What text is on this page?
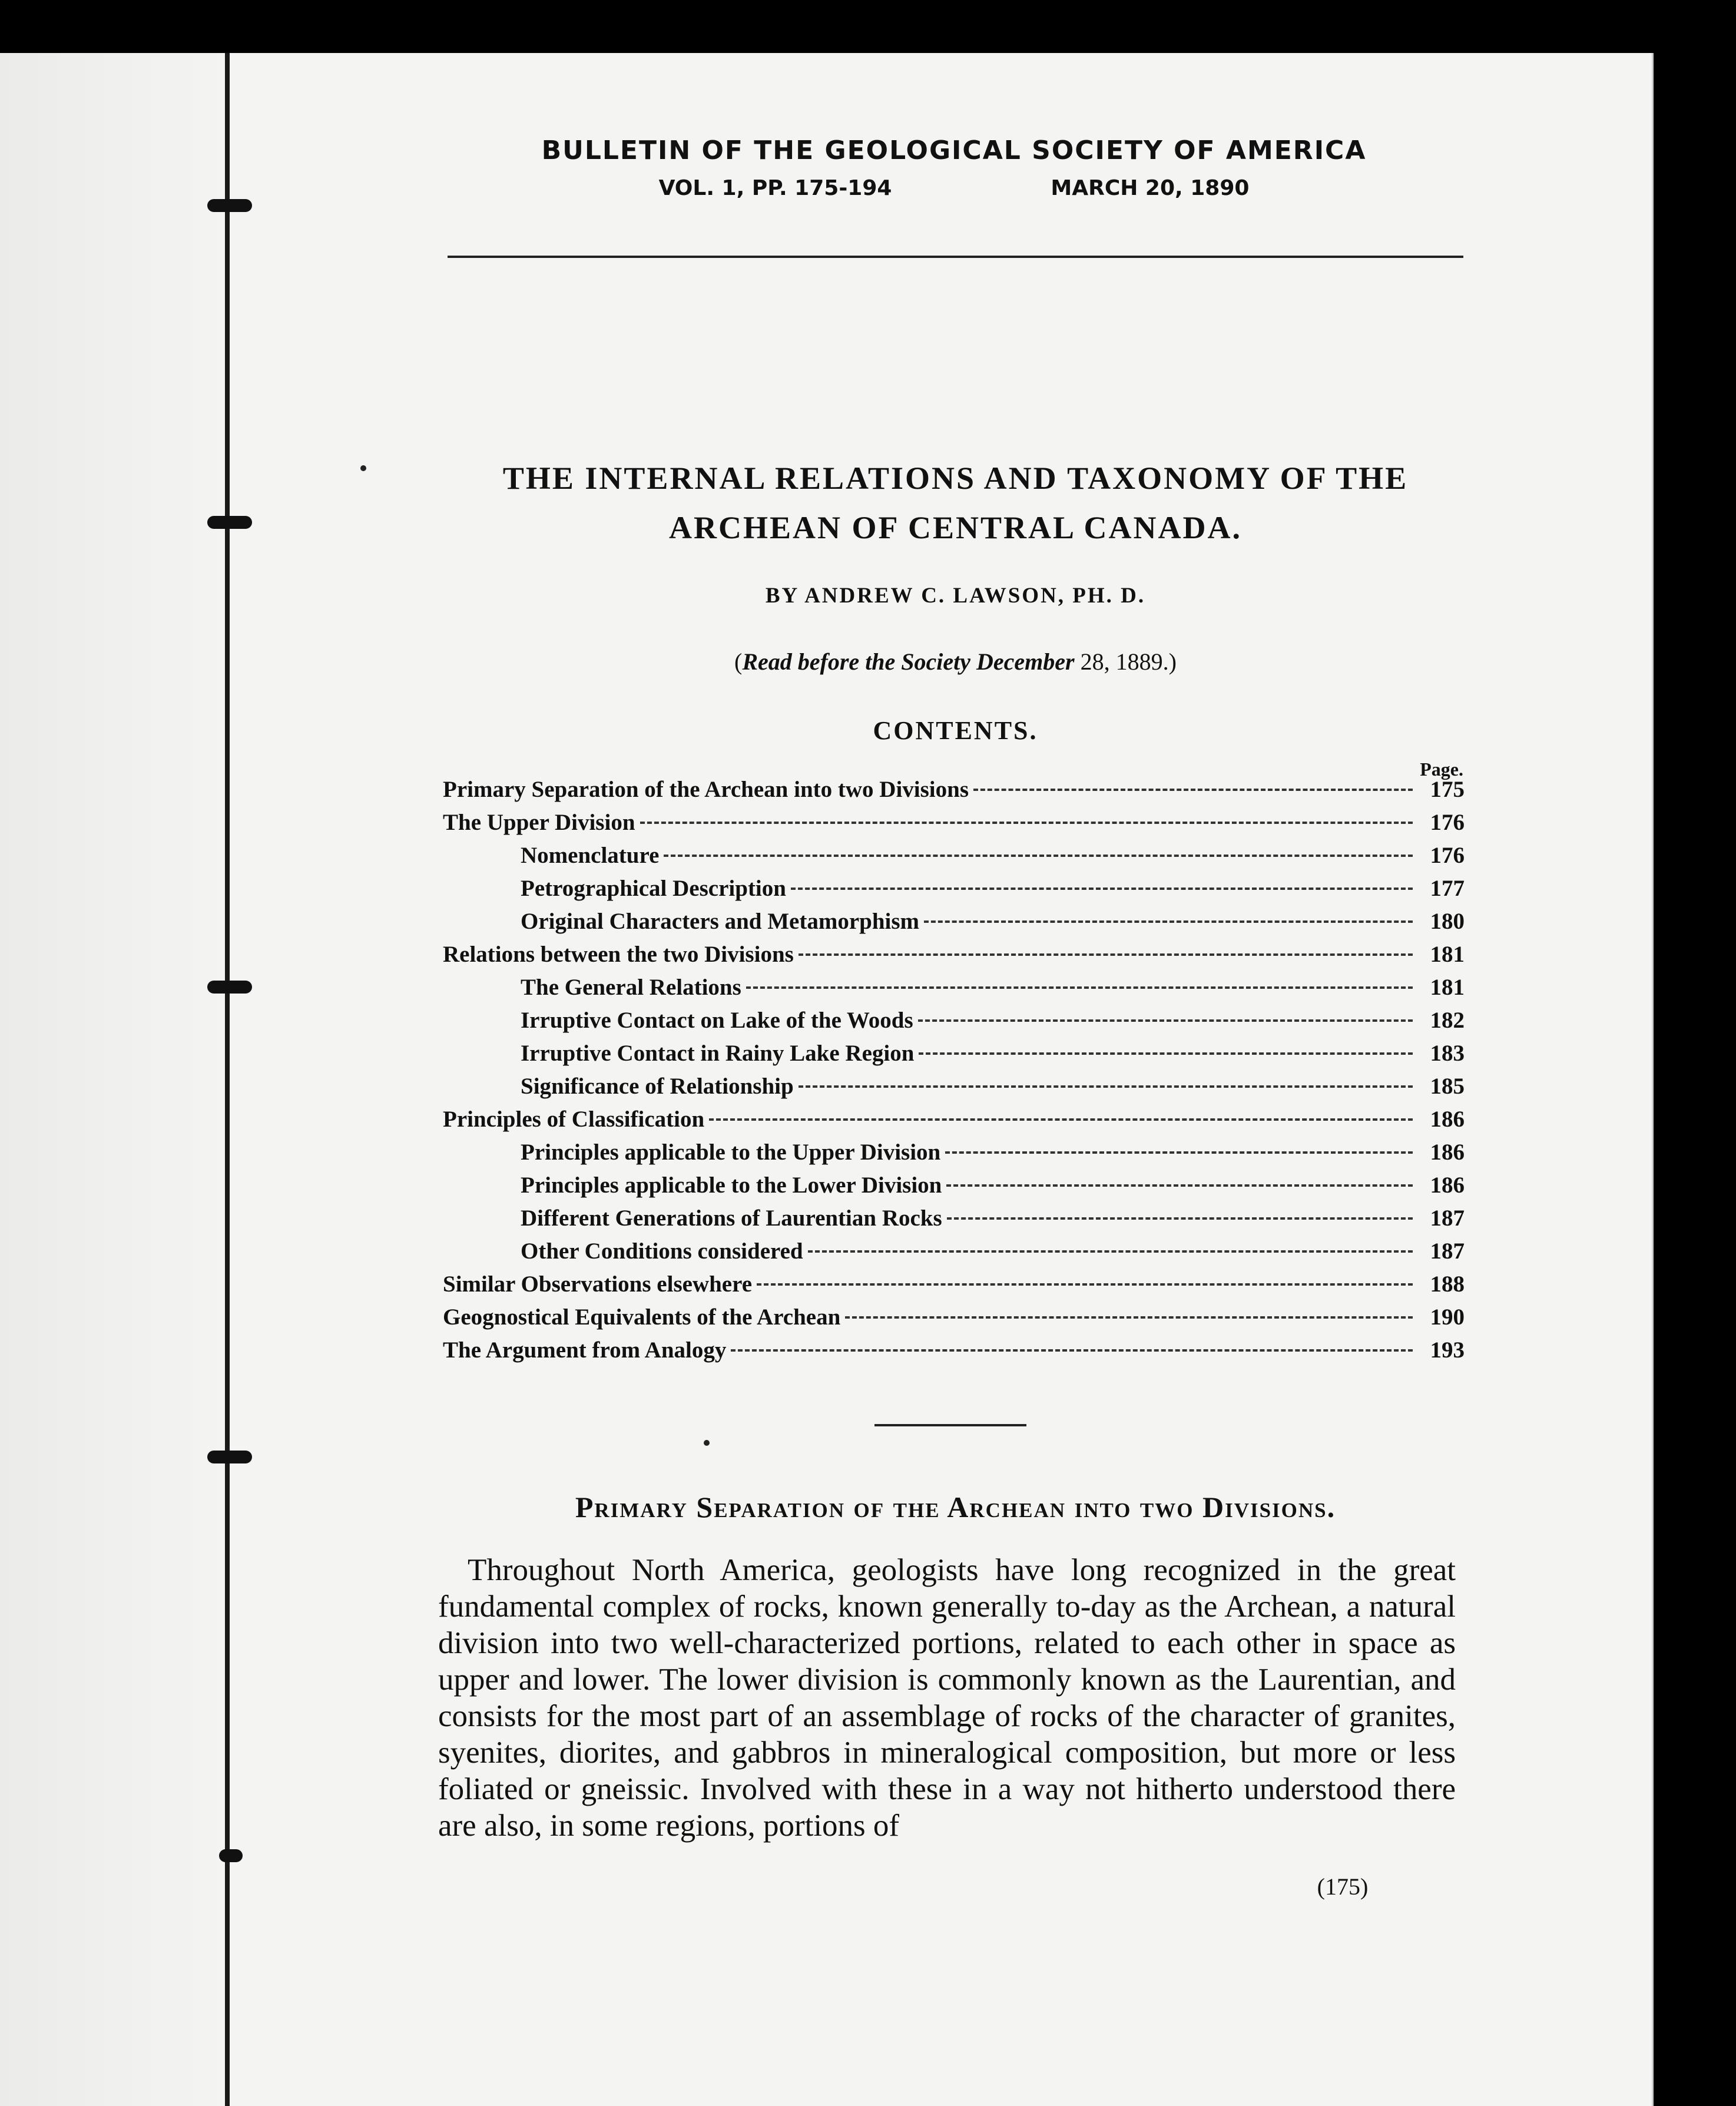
BULLETIN OF THE GEOLOGICAL SOCIETY OF AMERICA
VOL. 1, PP. 175-194	MARCH 20, 1890
THE INTERNAL RELATIONS AND TAXONOMY OF THE
ARCHEAN OF CENTRAL CANADA.
BY ANDREW C. LAWSON, PH. D.
(Read before the Society December 28, 1889.)
CONTENTS.
Page.
Primary Separation of the Archean into two Divisions	175
The Upper Division	176
Nomenclature	176
Petrographical Description	177
Original Characters and Metamorphism	180
Relations between the two Divisions	181
The General Relations	181
Irruptive Contact on Lake of the Woods	182
Irruptive Contact in Rainy Lake Region	183
Significance of Relationship	185
Principles of Classification	186
Principles applicable to the Upper Division	186
Principles applicable to the Lower Division	186
Different Generations of Laurentian Rocks	187
Other Conditions considered	187
Similar Observations elsewhere	188
Geognostical Equivalents of the Archean	190
The Argument from Analogy	193
Primary Separation of the Archean into two Divisions.

Throughout North America, geologists have long recognized in the great fundamental complex of rocks, known generally to-day as the Archean, a natural division into two well-characterized portions, related to each other in space as upper and lower. The lower division is commonly known as the Laurentian, and consists for the most part of an assemblage of rocks of the character of granites, syenites, diorites, and gabbros in mineralogical composition, but more or less foliated or gneissic. Involved with these in a way not hitherto understood there are also, in some regions, portions of

(175)
